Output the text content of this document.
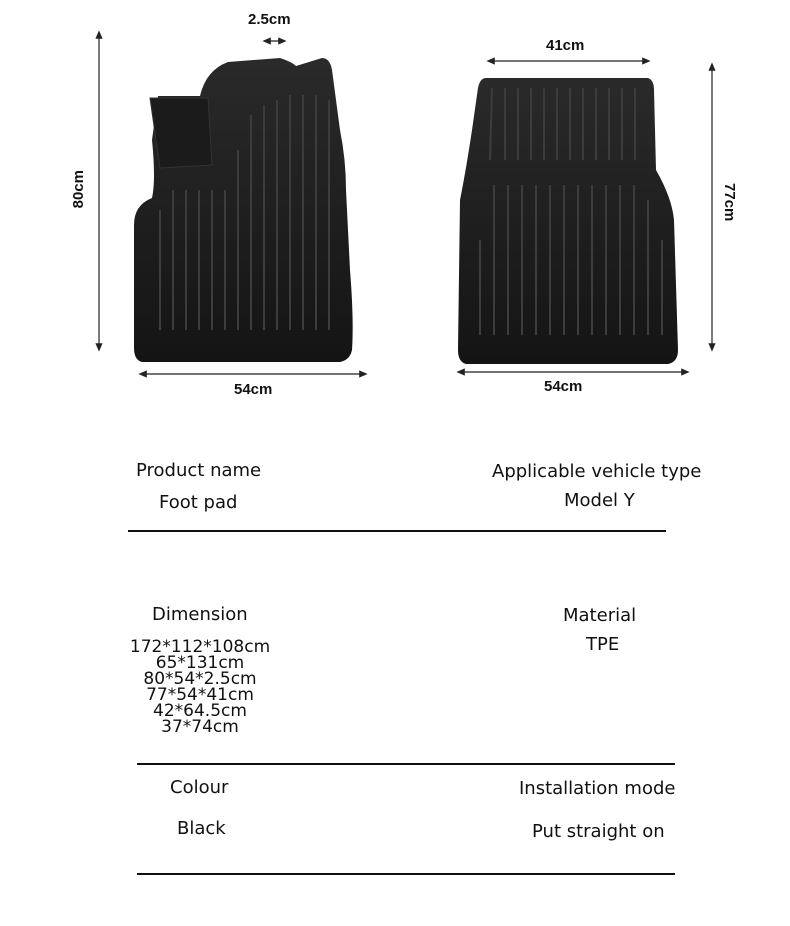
2.5cm
80cm
54cm
41cm
77cm
54cm
Product name
Foot pad
Applicable vehicle type
Model Y
Dimension
172*112*108cm
65*131cm
80*54*2.5cm
77*54*41cm
42*64.5cm
37*74cm
Material
TPE
Colour
Black
Installation mode
Put straight on
